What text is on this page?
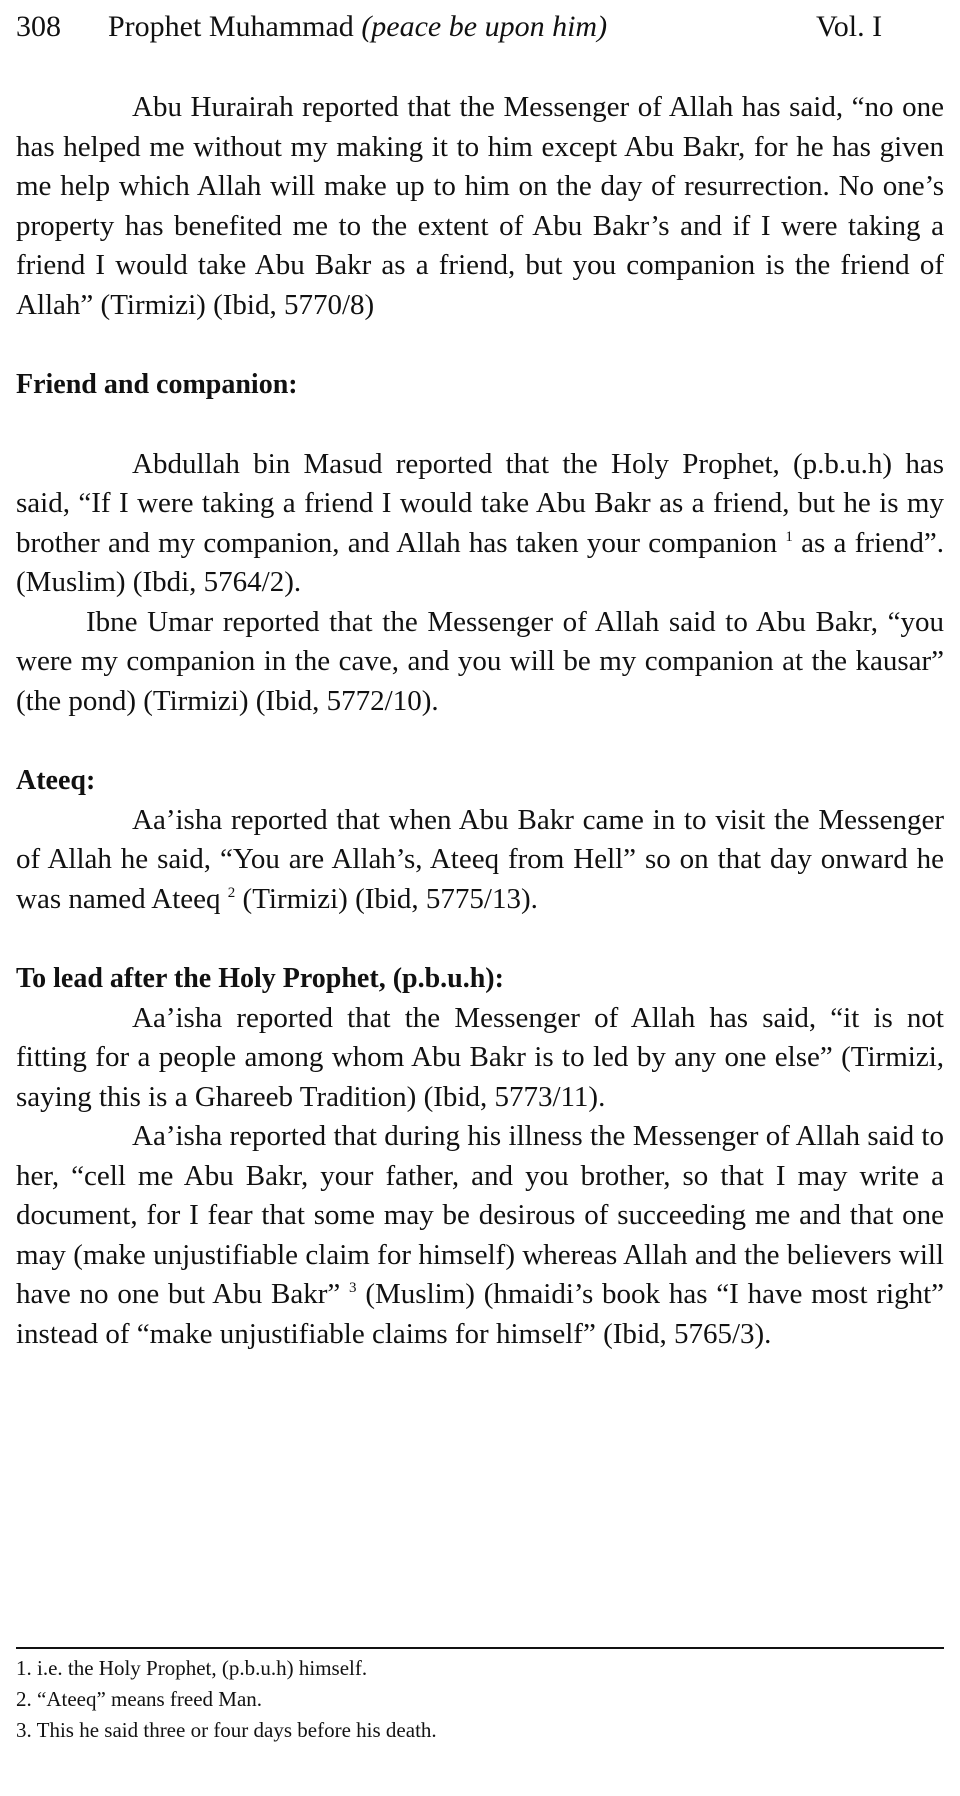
308 Prophet Muhammad (peace be upon him)	Vol. I

Abu Hurairah reported that the Messenger of Allah has said, “no one has helped me without my making it to him except Abu Bakr, for he has given me help which Allah will make up to him on the day of resurrection. No one’s property has benefited me to the extent of Abu Bakr’s and if I were taking a friend I would take Abu Bakr as a friend, but you companion is the friend of Allah” (Tirmizi) (Ibid, 5770/8)

Friend and companion:

Abdullah bin Masud reported that the Holy Prophet, (p.b.u.h) has said, “If I were taking a friend I would take Abu Bakr as a friend, but he is my brother and my companion, and Allah has taken your companion $^1$ as a friend”. (Muslim) (Ibdi, 5764/2).

Ibne Umar reported that the Messenger of Allah said to Abu Bakr, “you were my companion in the cave, and you will be my companion at the kausar” (the pond) (Tirmizi) (Ibid, 5772/10).

Ateeq:

Aa’isha reported that when Abu Bakr came in to visit the Messenger of Allah he said, “You are Allah’s, Ateeq from Hell” so on that day onward he was named Ateeq $^2$ (Tirmizi) (Ibid, 5775/13).

To lead after the Holy Prophet, (p.b.u.h):

Aa’isha reported that the Messenger of Allah has said, “it is not fitting for a people among whom Abu Bakr is to led by any one else” (Tirmizi, saying this is a Ghareeb Tradition) (Ibid, 5773/11).

Aa’isha reported that during his illness the Messenger of Allah said to her, “cell me Abu Bakr, your father, and you brother, so that I may write a document, for I fear that some may be desirous of succeeding me and that one may (make unjustifiable claim for himself) whereas Allah and the believers will have no one but Abu Bakr” $^3$ (Muslim) (hmaidi’s book has “I have most right” instead of “make unjustifiable claims for himself” (Ibid, 5765/3).

1. i.e. the Holy Prophet, (p.b.u.h) himself.

2. “Ateeq” means freed Man.

3. This he said three or four days before his death.
